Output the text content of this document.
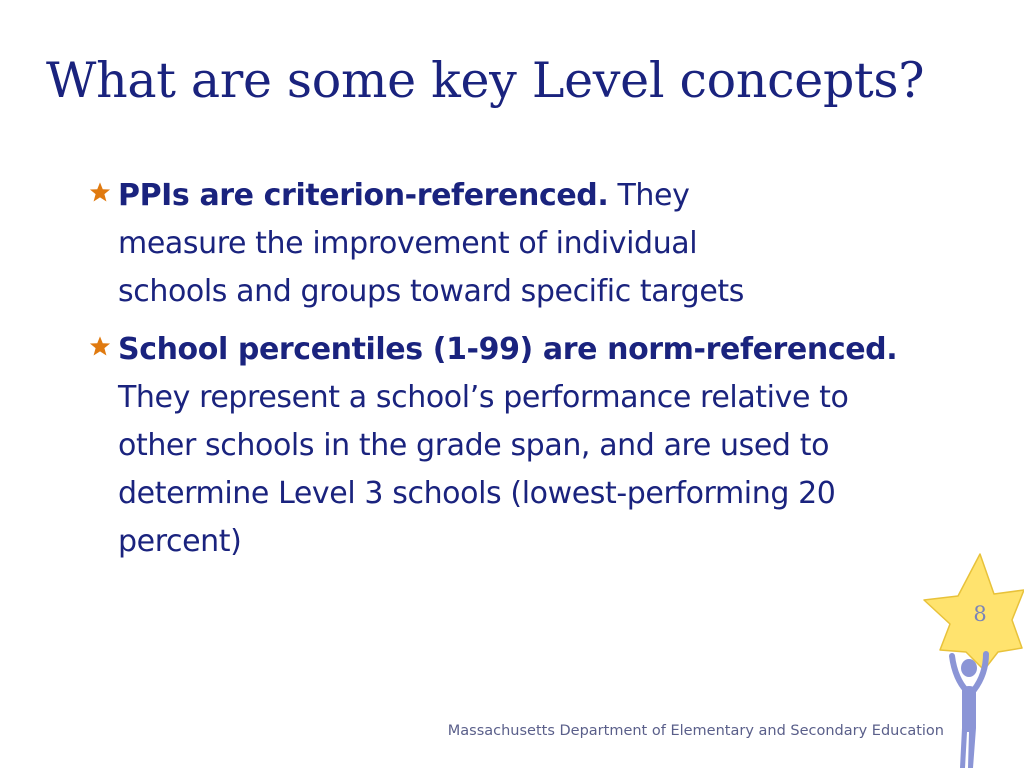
What are some key Level concepts?
PPIs are criterion-referenced. They measure the improvement of individual schools and groups toward specific targets
School percentiles (1-99) are norm-referenced. They represent a school’s performance relative to other schools in the grade span, and are used to determine Level 3 schools (lowest-performing 20 percent)
Massachusetts Department of Elementary and Secondary Education
8
